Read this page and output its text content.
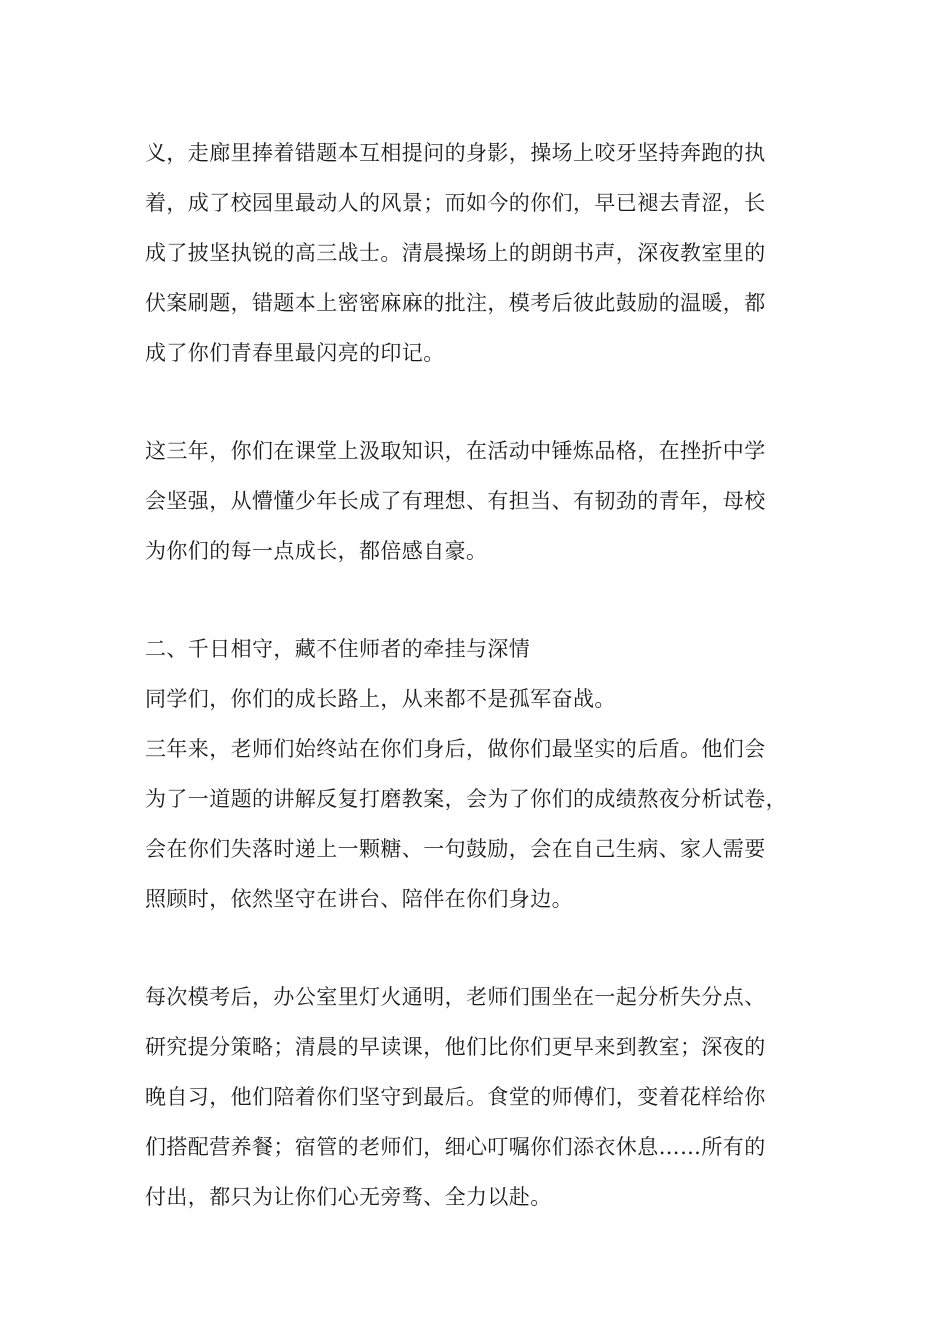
义，走廊里捧着错题本互相提问的身影，操场上咬牙坚持奔跑的执
着，成了校园里最动人的风景；而如今的你们，早已褪去青涩，长
成了披坚执锐的高三战士。清晨操场上的朗朗书声，深夜教室里的
伏案刷题，错题本上密密麻麻的批注，模考后彼此鼓励的温暖，都
成了你们青春里最闪亮的印记。
这三年，你们在课堂上汲取知识，在活动中锤炼品格，在挫折中学
会坚强，从懵懂少年长成了有理想、有担当、有韧劲的青年，母校
为你们的每一点成长，都倍感自豪。
二、千日相守，藏不住师者的牵挂与深情
同学们，你们的成长路上，从来都不是孤军奋战。
三年来，老师们始终站在你们身后，做你们最坚实的后盾。他们会
为了一道题的讲解反复打磨教案，会为了你们的成绩熬夜分析试卷，
会在你们失落时递上一颗糖、一句鼓励，会在自己生病、家人需要
照顾时，依然坚守在讲台、陪伴在你们身边。
每次模考后，办公室里灯火通明，老师们围坐在一起分析失分点、
研究提分策略；清晨的早读课，他们比你们更早来到教室；深夜的
晚自习，他们陪着你们坚守到最后。食堂的师傅们，变着花样给你
们搭配营养餐；宿管的老师们，细心叮嘱你们添衣休息……所有的
付出，都只为让你们心无旁骛、全力以赴。
